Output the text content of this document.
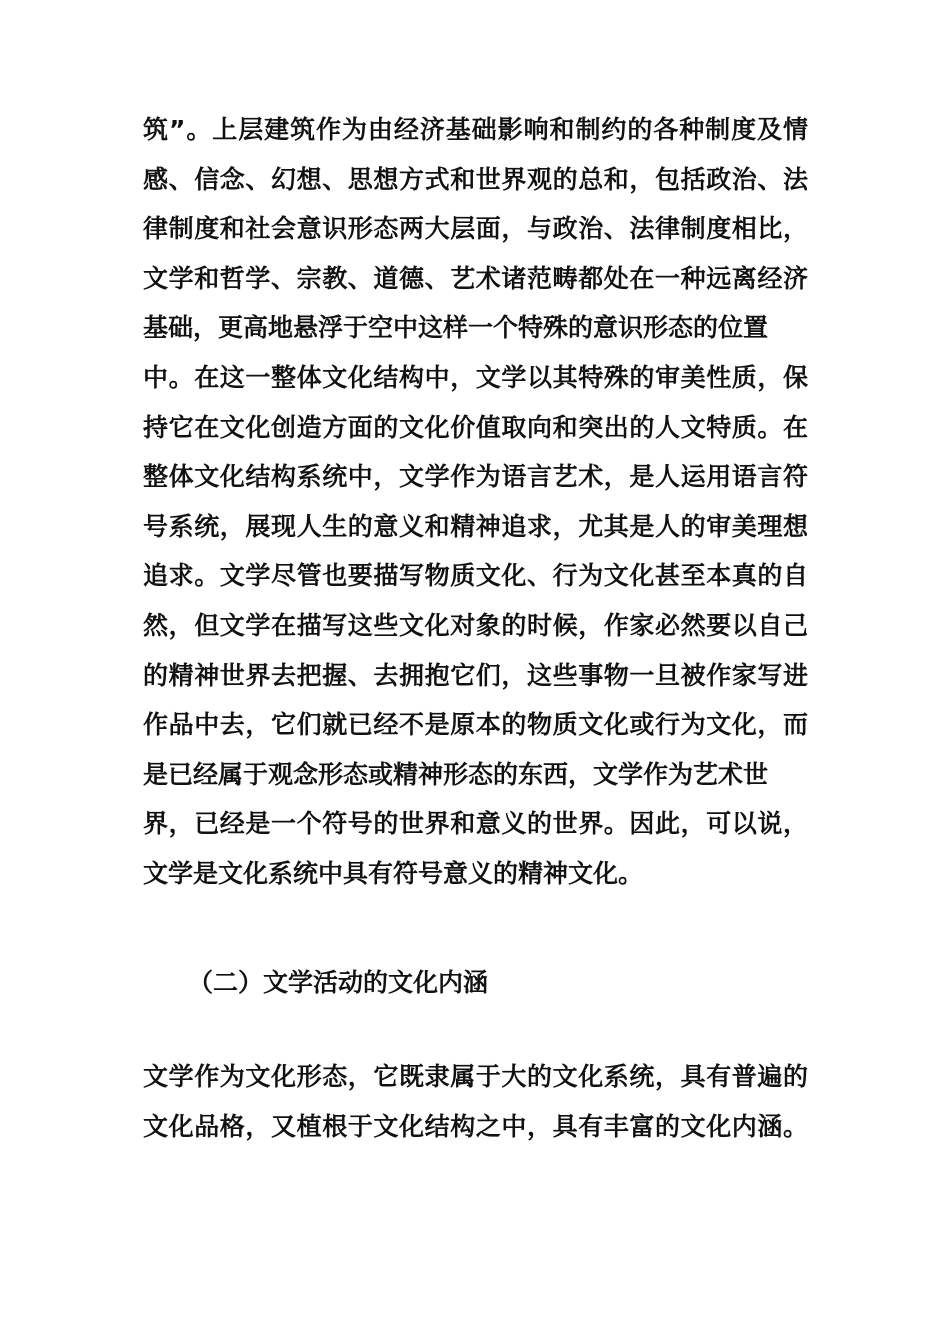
筑”。上层建筑作为由经济基础影响和制约的各种制度及情
感、信念、幻想、思想方式和世界观的总和，包括政治、法
律制度和社会意识形态两大层面，与政治、法律制度相比，
文学和哲学、宗教、道德、艺术诸范畴都处在一种远离经济
基础，更高地悬浮于空中这样一个特殊的意识形态的位置
中。在这一整体文化结构中，文学以其特殊的审美性质，保
持它在文化创造方面的文化价值取向和突出的人文特质。在
整体文化结构系统中，文学作为语言艺术，是人运用语言符
号系统，展现人生的意义和精神追求，尤其是人的审美理想
追求。文学尽管也要描写物质文化、行为文化甚至本真的自
然，但文学在描写这些文化对象的时候，作家必然要以自己
的精神世界去把握、去拥抱它们，这些事物一旦被作家写进
作品中去，它们就已经不是原本的物质文化或行为文化，而
是已经属于观念形态或精神形态的东西，文学作为艺术世
界，已经是一个符号的世界和意义的世界。因此，可以说，
文学是文化系统中具有符号意义的精神文化。
（二）文学活动的文化内涵
文学作为文化形态，它既隶属于大的文化系统，具有普遍的
文化品格，又植根于文化结构之中，具有丰富的文化内涵。
